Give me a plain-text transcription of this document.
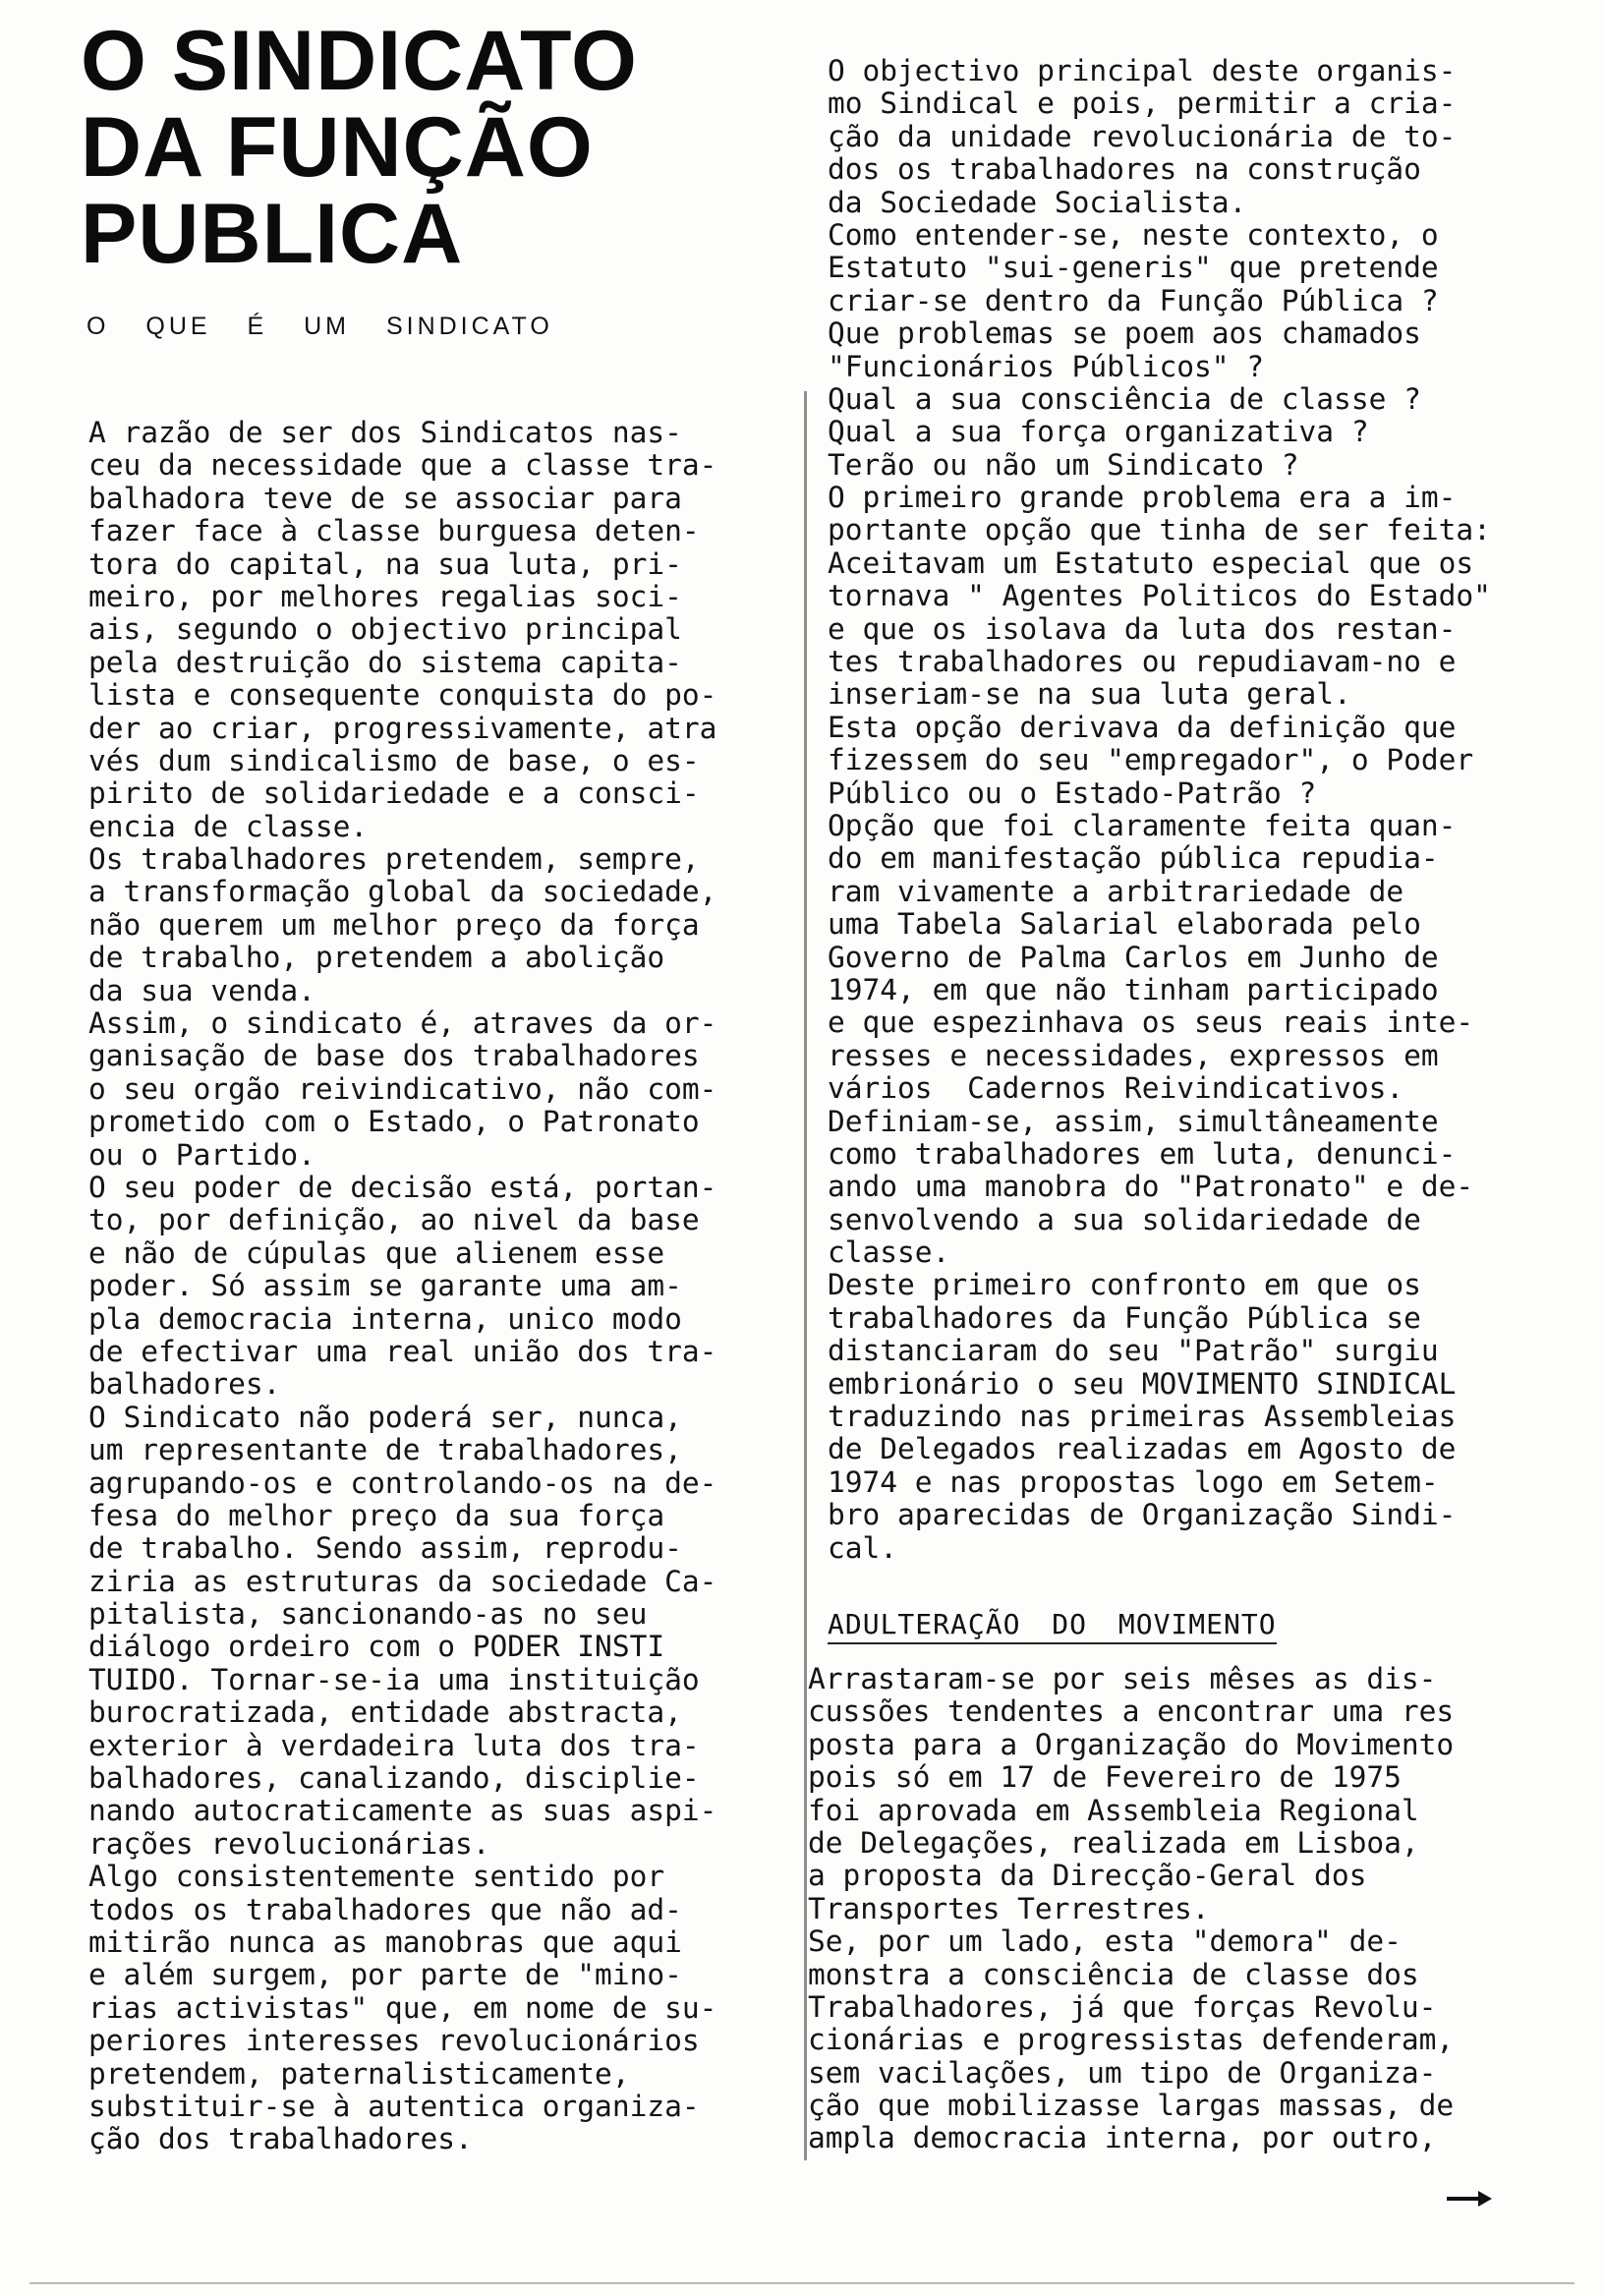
O SINDICATO
DA FUNÇÃO
PUBLICA
O QUE É UM SINDICATO
A razão de ser dos Sindicatos nas-
ceu da necessidade que a classe tra-
balhadora teve de se associar para
fazer face à classe burguesa deten-
tora do capital, na sua luta, pri-
meiro, por melhores regalias soci-
ais, segundo o objectivo principal
pela destruição do sistema capita-
lista e consequente conquista do po-
der ao criar, progressivamente, atra
vés dum sindicalismo de base, o es-
pirito de solidariedade e a consci-
encia de classe.
Os trabalhadores pretendem, sempre,
a transformação global da sociedade,
não querem um melhor preço da força
de trabalho, pretendem a abolição
da sua venda.
Assim, o sindicato é, atraves da or-
ganisação de base dos trabalhadores
o seu orgão reivindicativo, não com-
prometido com o Estado, o Patronato
ou o Partido.
O seu poder de decisão está, portan-
to, por definição, ao nivel da base
e não de cúpulas que alienem esse
poder. Só assim se garante uma am-
pla democracia interna, unico modo
de efectivar uma real união dos tra-
balhadores.
O Sindicato não poderá ser, nunca,
um representante de trabalhadores,
agrupando-os e controlando-os na de-
fesa do melhor preço da sua força
de trabalho. Sendo assim, reprodu-
ziria as estruturas da sociedade Ca-
pitalista, sancionando-as no seu
diálogo ordeiro com o PODER INSTI
TUIDO. Tornar-se-ia uma instituição
burocratizada, entidade abstracta,
exterior à verdadeira luta dos tra-
balhadores, canalizando, disciplie-
nando autocraticamente as suas aspi-
rações revolucionárias.
Algo consistentemente sentido por
todos os trabalhadores que não ad-
mitirão nunca as manobras que aqui
e além surgem, por parte de "mino-
rias activistas" que, em nome de su-
periores interesses revolucionários
pretendem, paternalisticamente,
substituir-se à autentica organiza-
ção dos trabalhadores.
O objectivo principal deste organis-
mo Sindical e pois, permitir a cria-
ção da unidade revolucionária de to-
dos os trabalhadores na construção
da Sociedade Socialista.
Como entender-se, neste contexto, o
Estatuto "sui-generis" que pretende
criar-se dentro da Função Pública ?
Que problemas se poem aos chamados
"Funcionários Públicos" ?
Qual a sua consciência de classe ?
Qual a sua força organizativa ?
Terão ou não um Sindicato ?
O primeiro grande problema era a im-
portante opção que tinha de ser feita:
Aceitavam um Estatuto especial que os
tornava " Agentes Politicos do Estado"
e que os isolava da luta dos restan-
tes trabalhadores ou repudiavam-no e
inseriam-se na sua luta geral.
Esta opção derivava da definição que
fizessem do seu "empregador", o Poder
Público ou o Estado-Patrão ?
Opção que foi claramente feita quan-
do em manifestação pública repudia-
ram vivamente a arbitrariedade de
uma Tabela Salarial elaborada pelo
Governo de Palma Carlos em Junho de
1974, em que não tinham participado
e que espezinhava os seus reais inte-
resses e necessidades, expressos em
vários  Cadernos Reivindicativos.
Definiam-se, assim, simultâneamente
como trabalhadores em luta, denunci-
ando uma manobra do "Patronato" e de-
senvolvendo a sua solidariedade de
classe.
Deste primeiro confronto em que os
trabalhadores da Função Pública se
distanciaram do seu "Patrão" surgiu
embrionário o seu MOVIMENTO SINDICAL
traduzindo nas primeiras Assembleias
de Delegados realizadas em Agosto de
1974 e nas propostas logo em Setem-
bro aparecidas de Organização Sindi-
cal.
ADULTERAÇÃO DO MOVIMENTO
Arrastaram-se por seis mêses as dis-
cussões tendentes a encontrar uma res
posta para a Organização do Movimento
pois só em 17 de Fevereiro de 1975
foi aprovada em Assembleia Regional
de Delegações, realizada em Lisboa,
a proposta da Direcção-Geral dos
Transportes Terrestres.
Se, por um lado, esta "demora" de-
monstra a consciência de classe dos
Trabalhadores, já que forças Revolu-
cionárias e progressistas defenderam,
sem vacilações, um tipo de Organiza-
ção que mobilizasse largas massas, de
ampla democracia interna, por outro,
